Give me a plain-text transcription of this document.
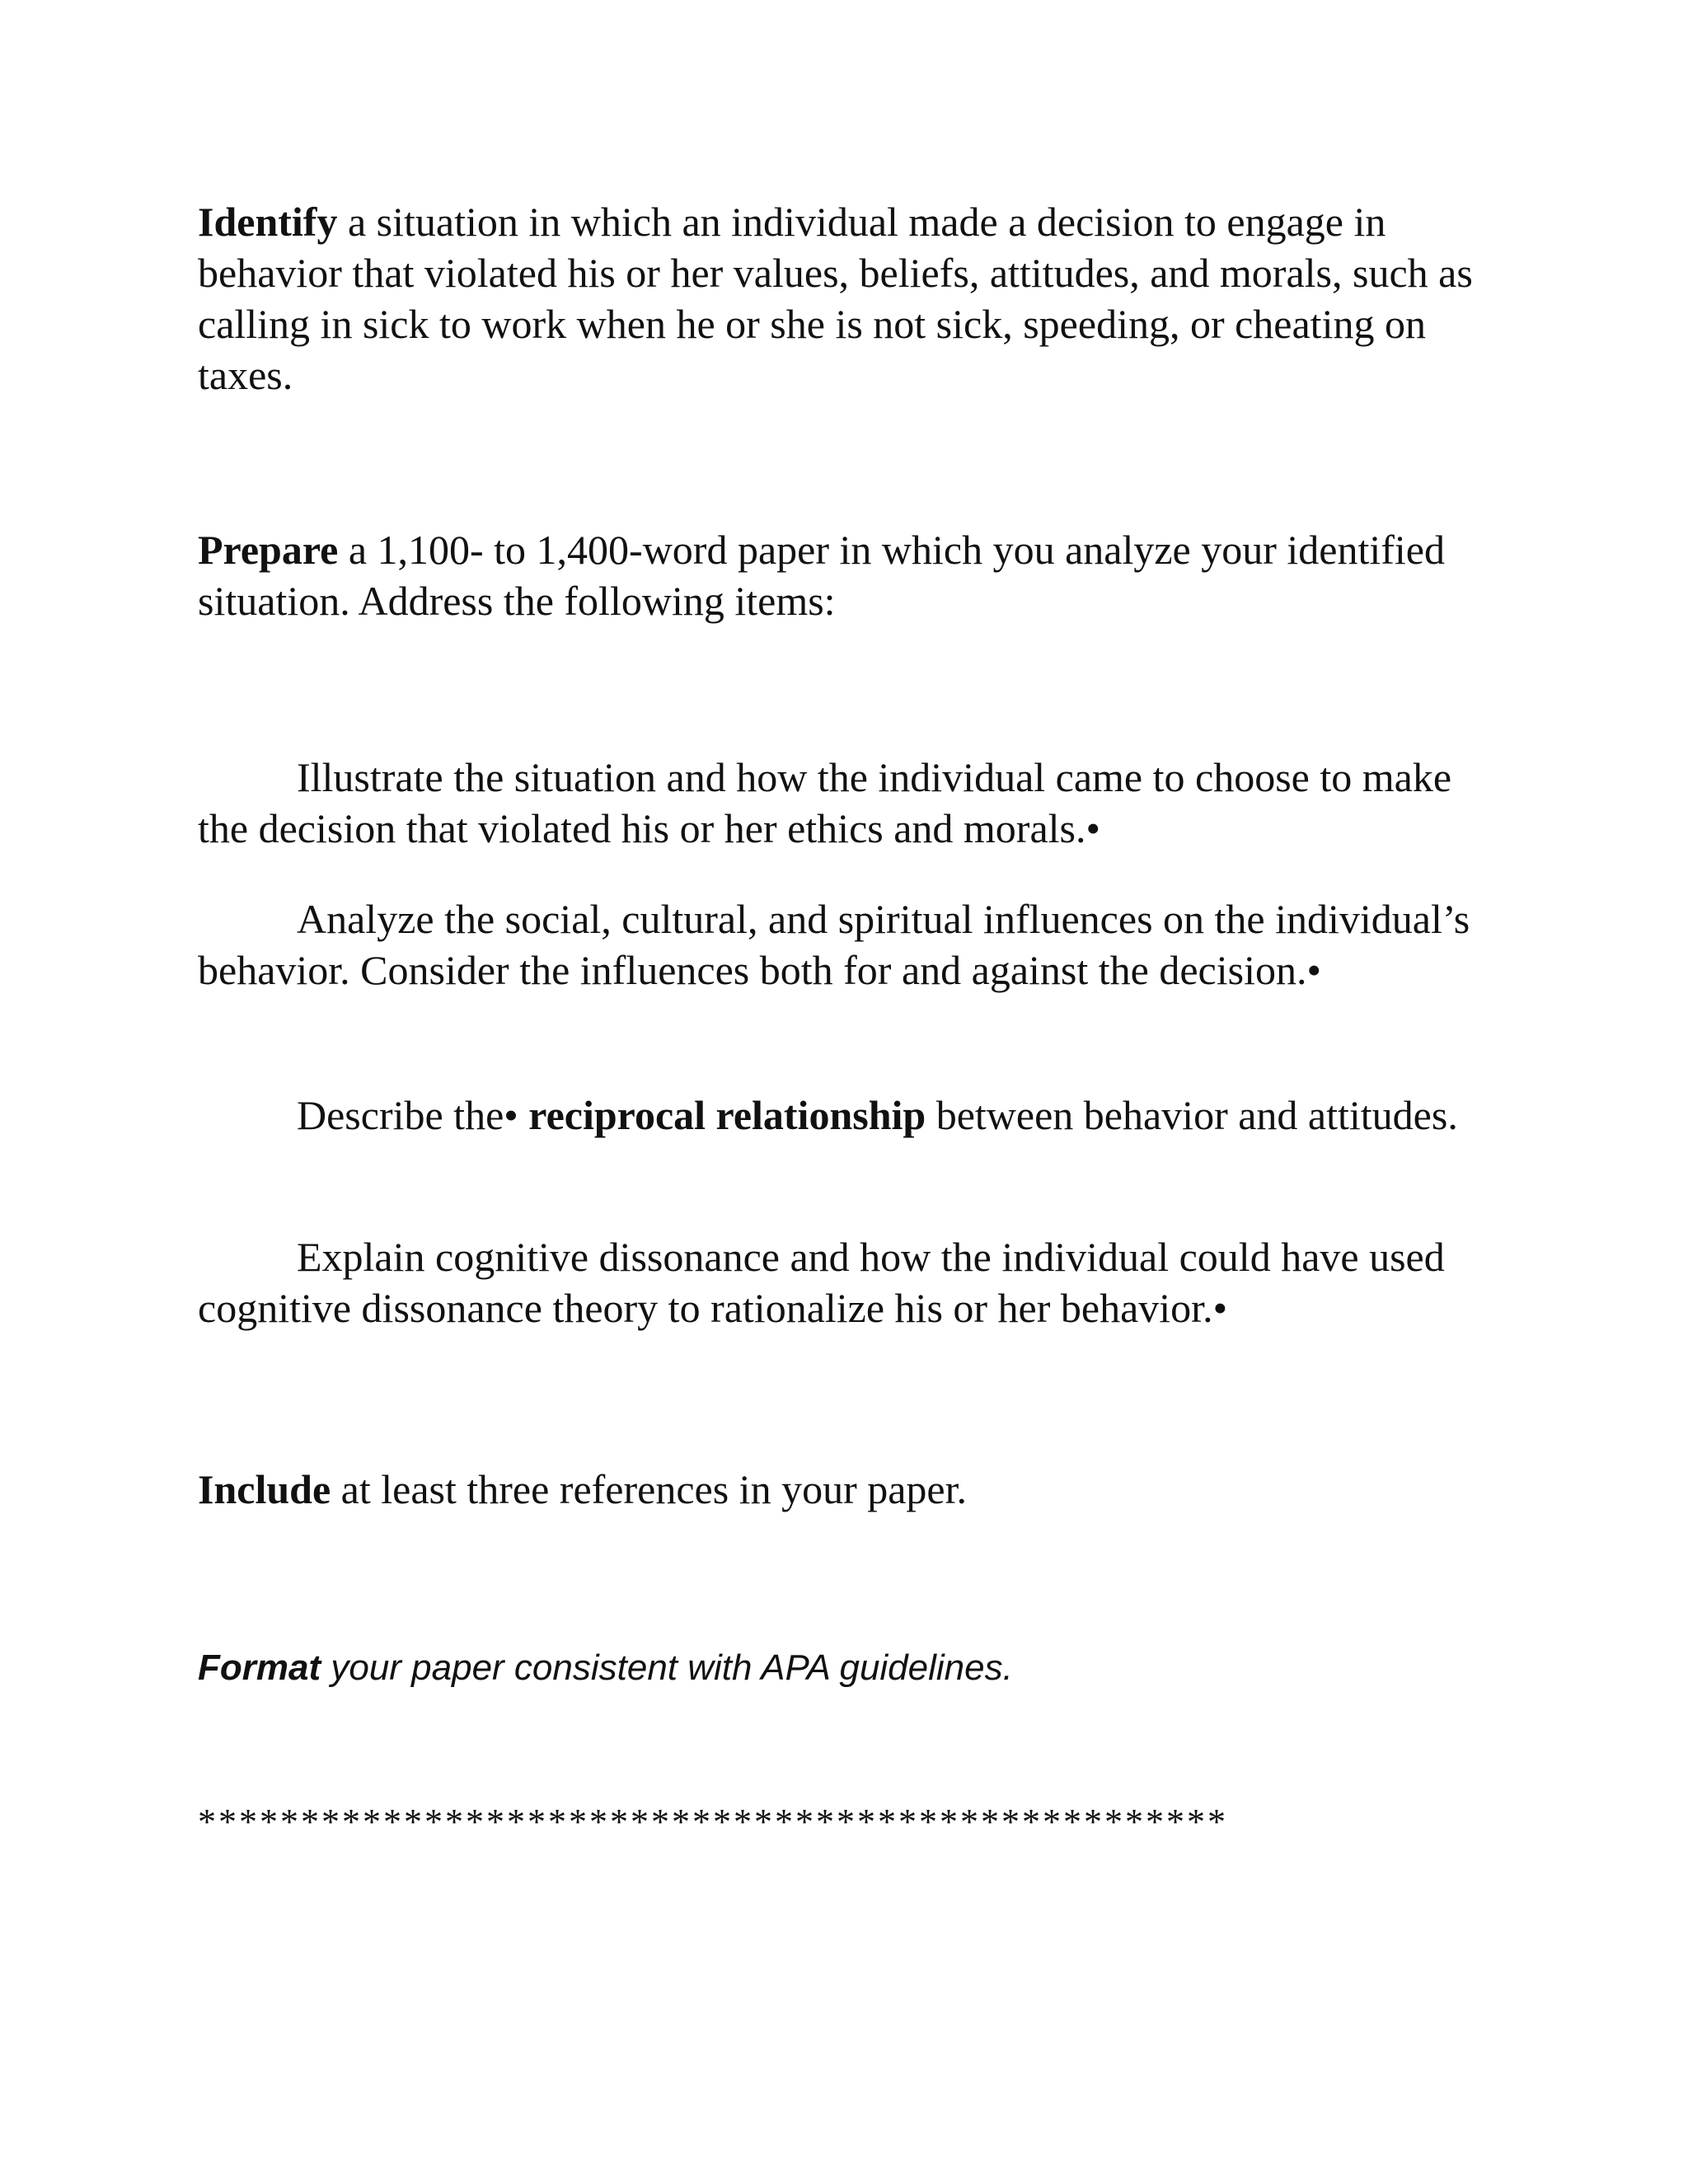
Identify a situation in which an individual made a decision to engage in behavior that violated his or her values, beliefs, attitudes, and morals, such as calling in sick to work when he or she is not sick, speeding, or cheating on taxes.

Prepare a 1,100- to 1,400-word paper in which you analyze your identified situation. Address the following items:

Illustrate the situation and how the individual came to choose to make the decision that violated his or her ethics and morals.•

Analyze the social, cultural, and spiritual influences on the individual’s behavior. Consider the influences both for and against the decision.•

Describe the• reciprocal relationship between behavior and attitudes.

Explain cognitive dissonance and how the individual could have used cognitive dissonance theory to rationalize his or her behavior.•

Include at least three references in your paper.

Format your paper consistent with APA guidelines.

**************************************************
